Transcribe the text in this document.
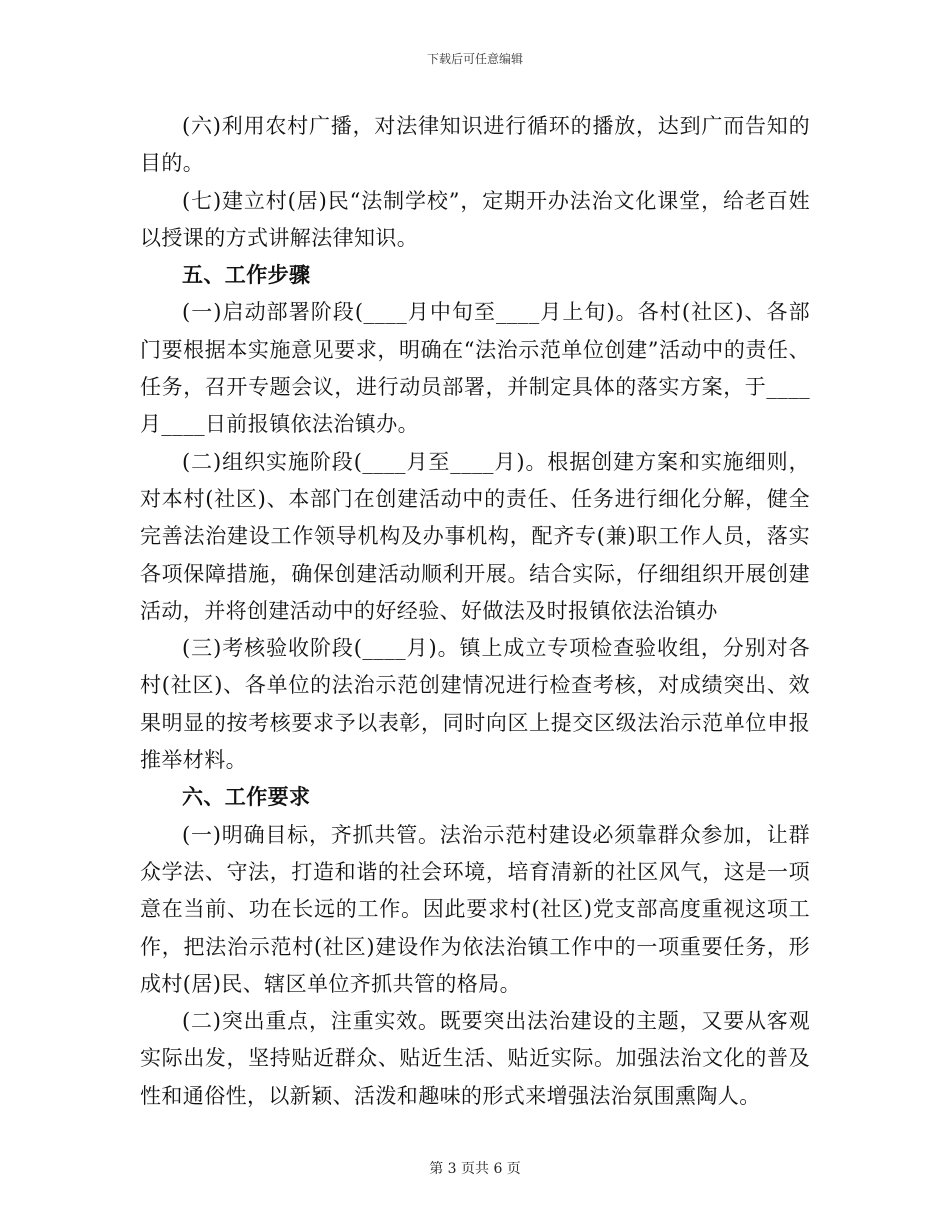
下载后可任意编辑

(六)利用农村广播，对法律知识进行循环的播放，达到广而告知的目的。

(七)建立村(居)民“法制学校”，定期开办法治文化课堂，给老百姓以授课的方式讲解法律知识。

五、工作步骤

(一)启动部署阶段(____月中旬至____月上旬)。各村(社区)、各部门要根据本实施意见要求，明确在“法治示范单位创建”活动中的责任、任务，召开专题会议，进行动员部署，并制定具体的落实方案，于____月____日前报镇依法治镇办。

(二)组织实施阶段(____月至____月)。根据创建方案和实施细则，对本村(社区)、本部门在创建活动中的责任、任务进行细化分解，健全完善法治建设工作领导机构及办事机构，配齐专(兼)职工作人员，落实各项保障措施，确保创建活动顺利开展。结合实际，仔细组织开展创建活动，并将创建活动中的好经验、好做法及时报镇依法治镇办

(三)考核验收阶段(____月)。镇上成立专项检查验收组，分别对各村(社区)、各单位的法治示范创建情况进行检查考核，对成绩突出、效果明显的按考核要求予以表彰，同时向区上提交区级法治示范单位申报推举材料。

六、工作要求

(一)明确目标，齐抓共管。法治示范村建设必须靠群众参加，让群众学法、守法，打造和谐的社会环境，培育清新的社区风气，这是一项意在当前、功在长远的工作。因此要求村(社区)党支部高度重视这项工作，把法治示范村(社区)建设作为依法治镇工作中的一项重要任务，形成村(居)民、辖区单位齐抓共管的格局。

(二)突出重点，注重实效。既要突出法治建设的主题，又要从客观实际出发，坚持贴近群众、贴近生活、贴近实际。加强法治文化的普及性和通俗性，以新颖、活泼和趣味的形式来增强法治氛围熏陶人。

第 3 页共 6 页
